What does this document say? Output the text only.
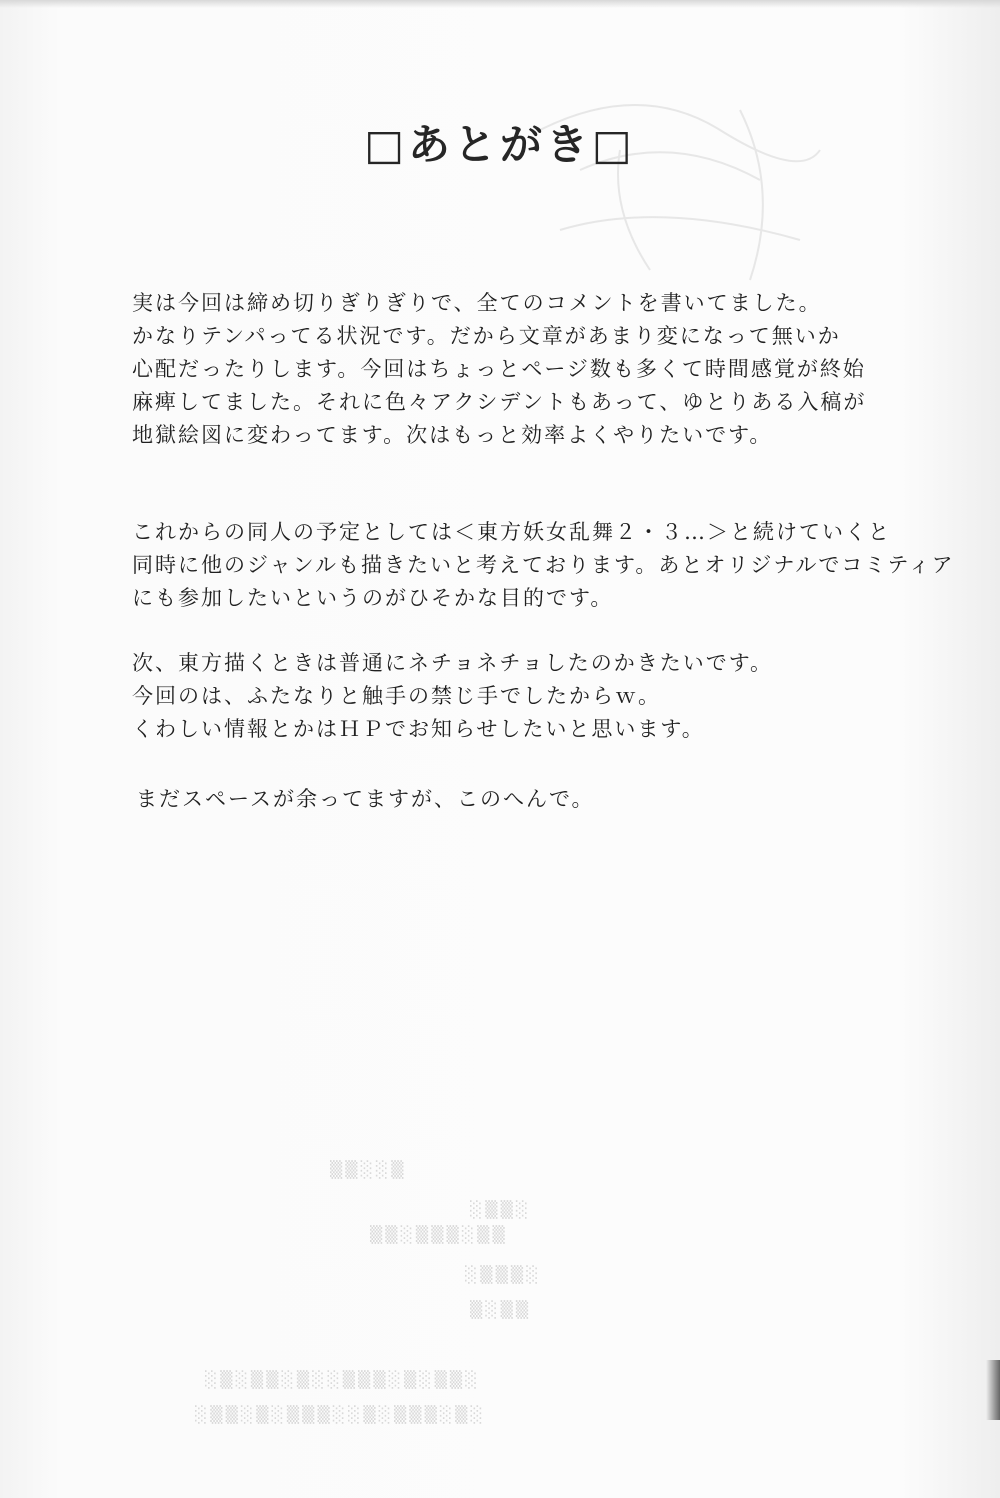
□あとがき□
実は今回は締め切りぎりぎりで、全てのコメントを書いてました。
かなりテンパってる状況です。だから文章があまり変になって無いか
心配だったりします。今回はちょっとページ数も多くて時間感覚が終始
麻痺してました。それに色々アクシデントもあって、ゆとりある入稿が
地獄絵図に変わってます。次はもっと効率よくやりたいです。
これからの同人の予定としては＜東方妖女乱舞２・３…＞と続けていくと
同時に他のジャンルも描きたいと考えております。あとオリジナルでコミティア
にも参加したいというのがひそかな目的です。
次、東方描くときは普通にネチョネチョしたのかきたいです。
今回のは、ふたなりと触手の禁じ手でしたからｗ。
くわしい情報とかはＨＰでお知らせしたいと思います。
まだスペースが余ってますが、このへんで。
▒▒░░▒
░▒▒░
▒▒░▒▒▒░▒▒
░▒▒▒░
▒░▒▒
░▒░▒▒░▒░░▒▒▒░▒░▒▒░
░▒▒░▒░▒▒▒░░▒░▒▒▒░▒░
